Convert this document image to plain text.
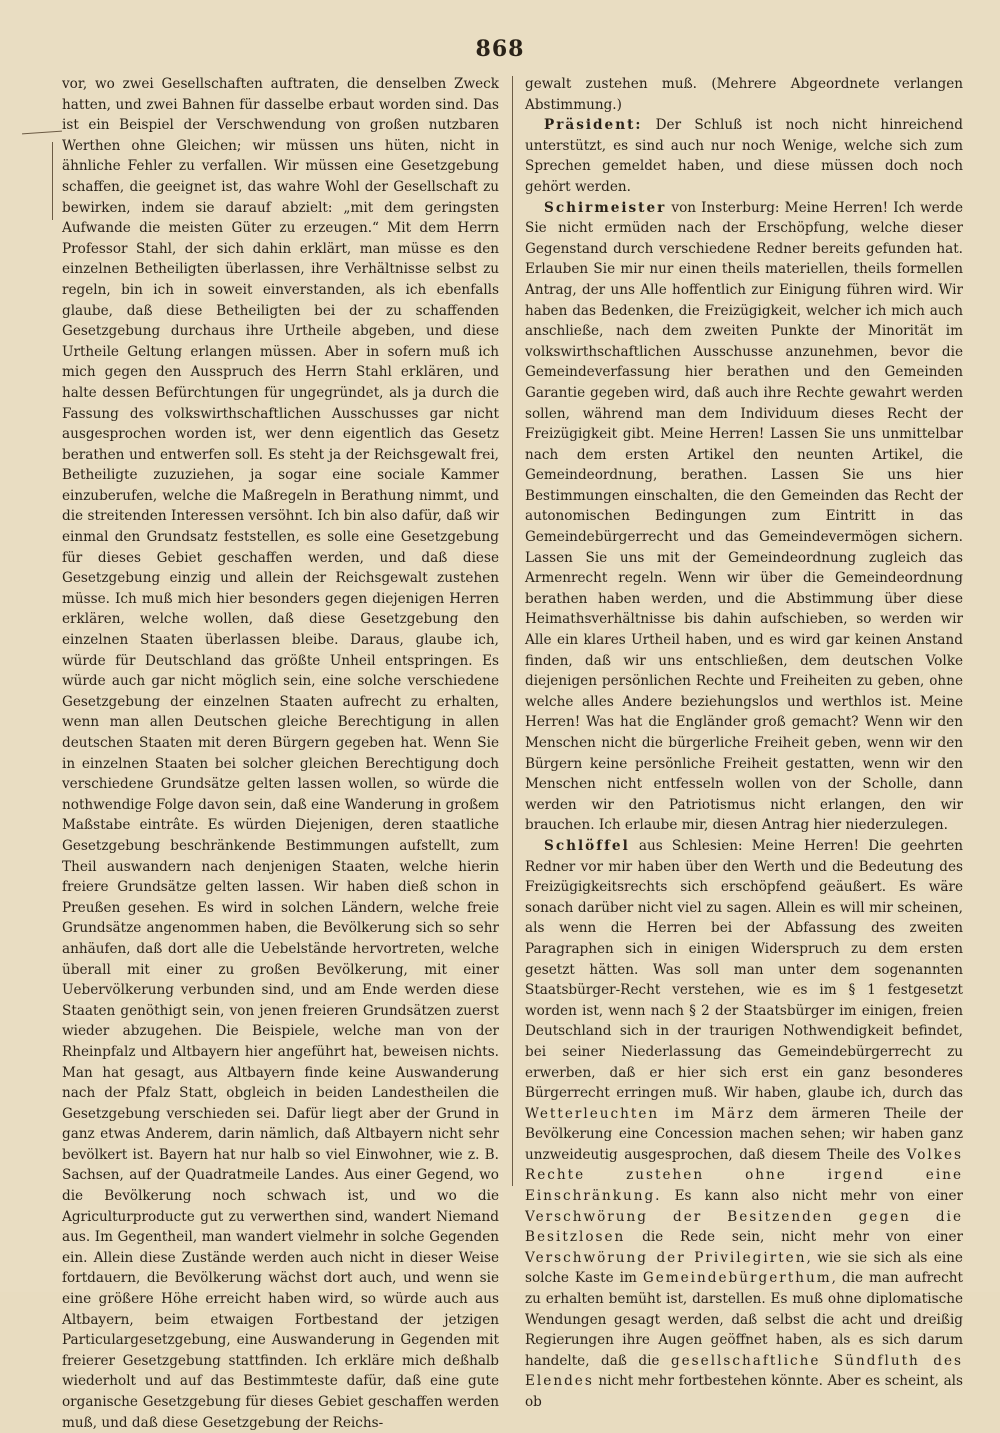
868

vor, wo zwei Gesellschaften auftraten, die denselben Zweck hatten, und zwei Bahnen für dasselbe erbaut worden sind. Das ist ein Beispiel der Verschwendung von großen nutzbaren Werthen ohne Gleichen; wir müssen uns hüten, nicht in ähnliche Fehler zu verfallen. Wir müssen eine Gesetzgebung schaffen, die geeignet ist, das wahre Wohl der Gesellschaft zu bewirken, indem sie darauf abzielt: „mit dem geringsten Aufwande die meisten Güter zu erzeugen.“ Mit dem Herrn Professor Stahl, der sich dahin erklärt, man müsse es den einzelnen Betheiligten überlassen, ihre Verhältnisse selbst zu regeln, bin ich in soweit einverstanden, als ich ebenfalls glaube, daß diese Betheiligten bei der zu schaffenden Gesetzgebung durchaus ihre Urtheile abgeben, und diese Urtheile Geltung erlangen müssen. Aber in sofern muß ich mich gegen den Ausspruch des Herrn Stahl erklären, und halte dessen Befürchtungen für ungegründet, als ja durch die Fassung des volkswirthschaftlichen Ausschusses gar nicht ausgesprochen worden ist, wer denn eigentlich das Gesetz berathen und entwerfen soll. Es steht ja der Reichsgewalt frei, Betheiligte zuzuziehen, ja sogar eine sociale Kammer einzuberufen, welche die Maßregeln in Berathung nimmt, und die streitenden Interessen versöhnt. Ich bin also dafür, daß wir einmal den Grundsatz feststellen, es solle eine Gesetzgebung für dieses Gebiet geschaffen werden, und daß diese Gesetzgebung einzig und allein der Reichsgewalt zustehen müsse. Ich muß mich hier besonders gegen diejenigen Herren erklären, welche wollen, daß diese Gesetzgebung den einzelnen Staaten überlassen bleibe. Daraus, glaube ich, würde für Deutschland das größte Unheil entspringen. Es würde auch gar nicht möglich sein, eine solche verschiedene Gesetzgebung der einzelnen Staaten aufrecht zu erhalten, wenn man allen Deutschen gleiche Berechtigung in allen deutschen Staaten mit deren Bürgern gegeben hat. Wenn Sie in einzelnen Staaten bei solcher gleichen Berechtigung doch verschiedene Grundsätze gelten lassen wollen, so würde die nothwendige Folge davon sein, daß eine Wanderung in großem Maßstabe eintrâte. Es würden Diejenigen, deren staatliche Gesetzgebung beschränkende Bestimmungen aufstellt, zum Theil auswandern nach denjenigen Staaten, welche hierin freiere Grundsätze gelten lassen. Wir haben dieß schon in Preußen gesehen. Es wird in solchen Ländern, welche freie Grundsätze angenommen haben, die Bevölkerung sich so sehr anhäufen, daß dort alle die Uebelstände hervortreten, welche überall mit einer zu großen Bevölkerung, mit einer Uebervölkerung verbunden sind, und am Ende werden diese Staaten genöthigt sein, von jenen freieren Grundsätzen zuerst wieder abzugehen. Die Beispiele, welche man von der Rheinpfalz und Altbayern hier angeführt hat, beweisen nichts. Man hat gesagt, aus Altbayern finde keine Auswanderung nach der Pfalz Statt, obgleich in beiden Landestheilen die Gesetzgebung verschieden sei. Dafür liegt aber der Grund in ganz etwas Anderem, darin nämlich, daß Altbayern nicht sehr bevölkert ist. Bayern hat nur halb so viel Einwohner, wie z. B. Sachsen, auf der Quadratmeile Landes. Aus einer Gegend, wo die Bevölkerung noch schwach ist, und wo die Agriculturproducte gut zu verwerthen sind, wandert Niemand aus. Im Gegentheil, man wandert vielmehr in solche Gegenden ein. Allein diese Zustände werden auch nicht in dieser Weise fortdauern, die Bevölkerung wächst dort auch, und wenn sie eine größere Höhe erreicht haben wird, so würde auch aus Altbayern, beim etwaigen Fortbestand der jetzigen Particulargesetzgebung, eine Auswanderung in Gegenden mit freierer Gesetzgebung stattfinden. Ich erkläre mich deßhalb wiederholt und auf das Bestimmteste dafür, daß eine gute organische Gesetzgebung für dieses Gebiet geschaffen werden muß, und daß diese Gesetzgebung der Reichs-

gewalt zustehen muß. (Mehrere Abgeordnete verlangen Abstimmung.)

Präsident: Der Schluß ist noch nicht hinreichend unterstützt, es sind auch nur noch Wenige, welche sich zum Sprechen gemeldet haben, und diese müssen doch noch gehört werden.

Schirmeister von Insterburg: Meine Herren! Ich werde Sie nicht ermüden nach der Erschöpfung, welche dieser Gegenstand durch verschiedene Redner bereits gefunden hat. Erlauben Sie mir nur einen theils materiellen, theils formellen Antrag, der uns Alle hoffentlich zur Einigung führen wird. Wir haben das Bedenken, die Freizügigkeit, welcher ich mich auch anschließe, nach dem zweiten Punkte der Minorität im volkswirthschaftlichen Ausschusse anzunehmen, bevor die Gemeindeverfassung hier berathen und den Gemeinden Garantie gegeben wird, daß auch ihre Rechte gewahrt werden sollen, während man dem Individuum dieses Recht der Freizügigkeit gibt. Meine Herren! Lassen Sie uns unmittelbar nach dem ersten Artikel den neunten Artikel, die Gemeindeordnung, berathen. Lassen Sie uns hier Bestimmungen einschalten, die den Gemeinden das Recht der autonomischen Bedingungen zum Eintritt in das Gemeindebürgerrecht und das Gemeindevermögen sichern. Lassen Sie uns mit der Gemeindeordnung zugleich das Armenrecht regeln. Wenn wir über die Gemeindeordnung berathen haben werden, und die Abstimmung über diese Heimathsverhältnisse bis dahin aufschieben, so werden wir Alle ein klares Urtheil haben, und es wird gar keinen Anstand finden, daß wir uns entschließen, dem deutschen Volke diejenigen persönlichen Rechte und Freiheiten zu geben, ohne welche alles Andere beziehungslos und werthlos ist. Meine Herren! Was hat die Engländer groß gemacht? Wenn wir den Menschen nicht die bürgerliche Freiheit geben, wenn wir den Bürgern keine persönliche Freiheit gestatten, wenn wir den Menschen nicht entfesseln wollen von der Scholle, dann werden wir den Patriotismus nicht erlangen, den wir brauchen. Ich erlaube mir, diesen Antrag hier niederzulegen.

Schlöffel aus Schlesien: Meine Herren! Die geehrten Redner vor mir haben über den Werth und die Bedeutung des Freizügigkeitsrechts sich erschöpfend geäußert. Es wäre sonach darüber nicht viel zu sagen. Allein es will mir scheinen, als wenn die Herren bei der Abfassung des zweiten Paragraphen sich in einigen Widerspruch zu dem ersten gesetzt hätten. Was soll man unter dem sogenannten Staatsbürger-Recht verstehen, wie es im § 1 festgesetzt worden ist, wenn nach § 2 der Staatsbürger im einigen, freien Deutschland sich in der traurigen Nothwendigkeit befindet, bei seiner Niederlassung das Gemeindebürgerrecht zu erwerben, daß er hier sich erst ein ganz besonderes Bürgerrecht erringen muß. Wir haben, glaube ich, durch das Wetterleuchten im März dem ärmeren Theile der Bevölkerung eine Concession machen sehen; wir haben ganz unzweideutig ausgesprochen, daß diesem Theile des Volkes Rechte zustehen ohne irgend eine Einschränkung. Es kann also nicht mehr von einer Verschwörung der Besitzenden gegen die Besitzlosen die Rede sein, nicht mehr von einer Verschwörung der Privilegirten, wie sie sich als eine solche Kaste im Gemeindebürgerthum, die man aufrecht zu erhalten bemüht ist, darstellen. Es muß ohne diplomatische Wendungen gesagt werden, daß selbst die acht und dreißig Regierungen ihre Augen geöffnet haben, als es sich darum handelte, daß die gesellschaftliche Sündfluth des Elendes nicht mehr fortbestehen könnte. Aber es scheint, als ob
